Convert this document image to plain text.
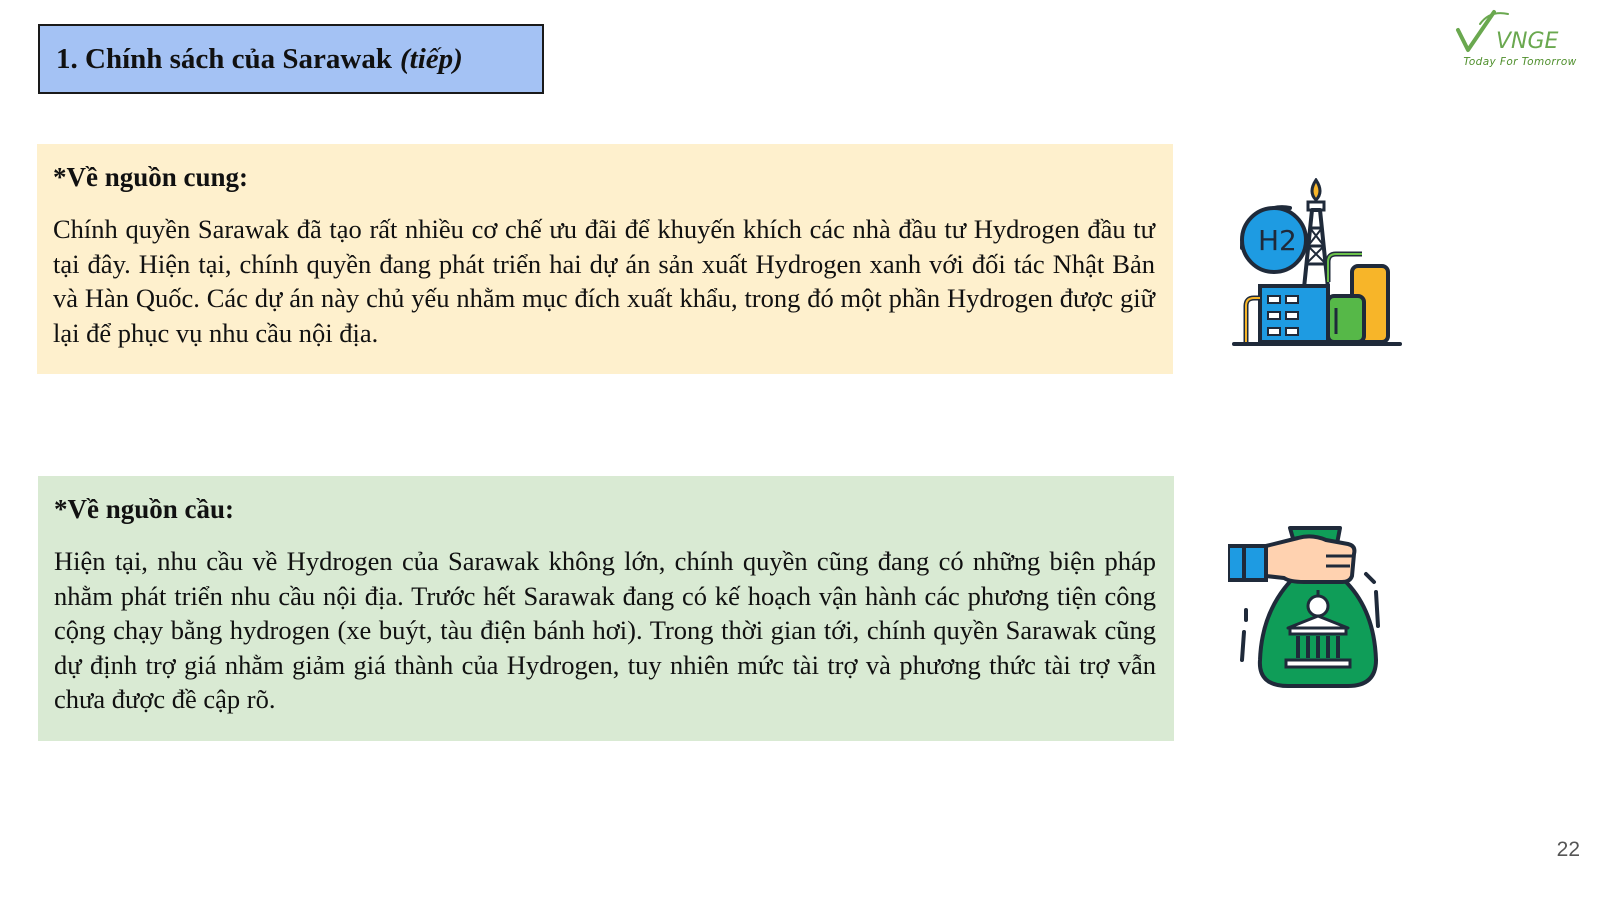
1. Chính sách của Sarawak (tiếp)
VNGE
Today For Tomorrow

*Về nguồn cung:

Chính quyền Sarawak đã tạo rất nhiều cơ chế ưu đãi để khuyến khích các nhà đầu tư Hydrogen đầu tư tại đây. Hiện tại, chính quyền đang phát triển hai dự án sản xuất Hydrogen xanh với đối tác Nhật Bản và Hàn Quốc. Các dự án này chủ yếu nhằm mục đích xuất khẩu, trong đó một phần Hydrogen được giữ lại để phục vụ nhu cầu nội địa.

H2

*Về nguồn cầu:

Hiện tại, nhu cầu về Hydrogen của Sarawak không lớn, chính quyền cũng đang có những biện pháp nhằm phát triển nhu cầu nội địa. Trước hết Sarawak đang có kế hoạch vận hành các phương tiện công cộng chạy bằng hydrogen (xe buýt, tàu điện bánh hơi). Trong thời gian tới, chính quyền Sarawak cũng dự định trợ giá nhằm giảm giá thành của Hydrogen, tuy nhiên mức tài trợ và phương thức tài trợ vẫn chưa được đề cập rõ.

22
